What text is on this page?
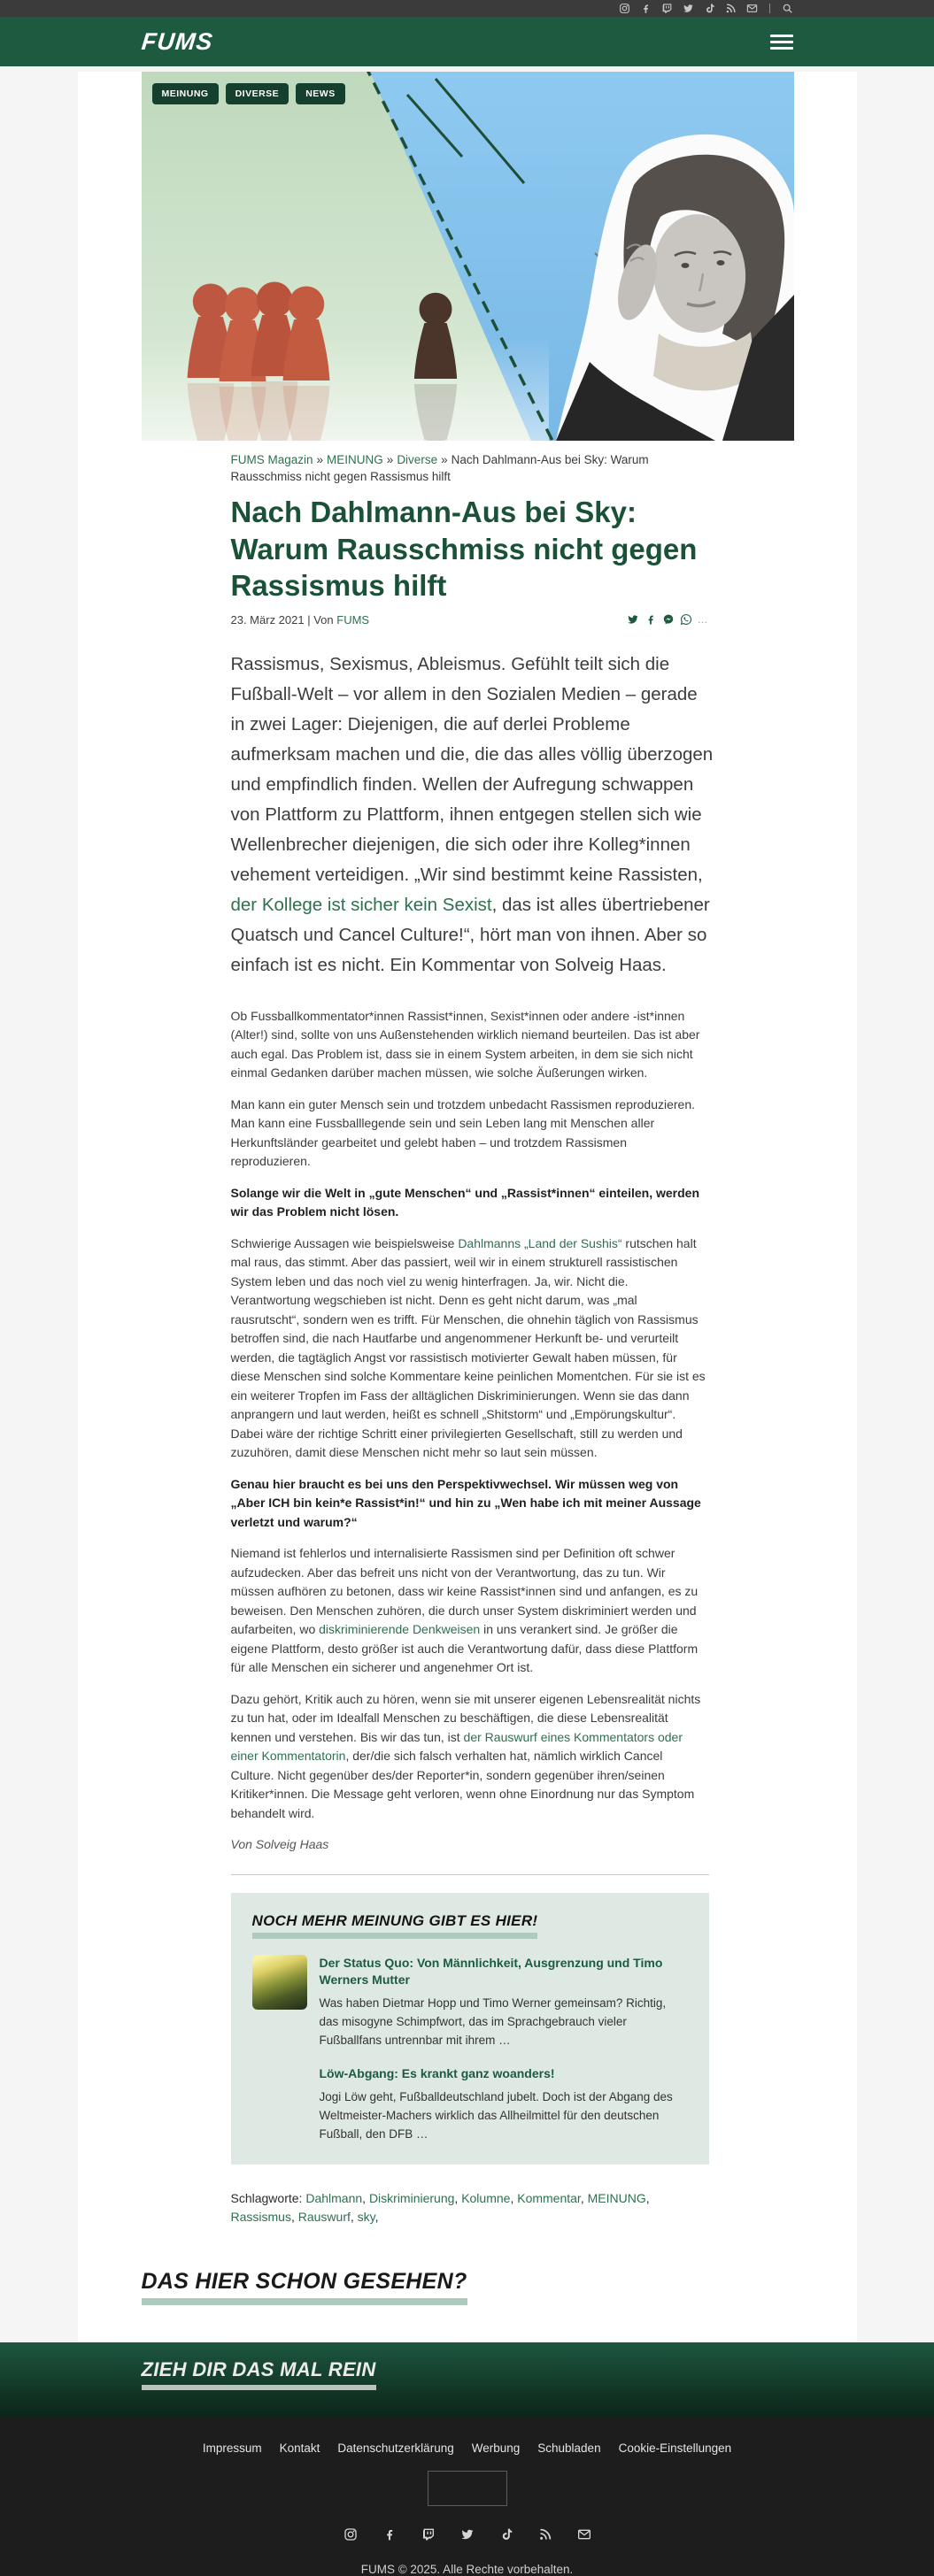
FUMS
MEINUNG	DIVERSE	NEWS
FUMS Magazin » MEINUNG » Diverse » Nach Dahlmann-Aus bei Sky: Warum Rausschmiss nicht gegen Rassismus hilft
Nach Dahlmann-Aus bei Sky: Warum Rausschmiss nicht gegen Rassismus hilft
23. März 2021 | Von FUMS	…
Rassismus, Sexismus, Ableismus. Gefühlt teilt sich die Fußball-Welt – vor allem in den Sozialen Medien – gerade in zwei Lager: Diejenigen, die auf derlei Probleme aufmerksam machen und die, die das alles völlig überzogen und empfindlich finden. Wellen der Aufregung schwappen von Plattform zu Plattform, ihnen entgegen stellen sich wie Wellenbrecher diejenigen, die sich oder ihre Kolleg*innen vehement verteidigen. „Wir sind bestimmt keine Rassisten, der Kollege ist sicher kein Sexist, das ist alles übertriebener Quatsch und Cancel Culture!“, hört man von ihnen. Aber so einfach ist es nicht. Ein Kommentar von Solveig Haas.

Ob Fussballkommentator*innen Rassist*innen, Sexist*innen oder andere -ist*innen (Alter!) sind, sollte von uns Außenstehenden wirklich niemand beurteilen. Das ist aber auch egal. Das Problem ist, dass sie in einem System arbeiten, in dem sie sich nicht einmal Gedanken darüber machen müssen, wie solche Äußerungen wirken.

Man kann ein guter Mensch sein und trotzdem unbedacht Rassismen reproduzieren. Man kann eine Fussballlegende sein und sein Leben lang mit Menschen aller Herkunftsländer gearbeitet und gelebt haben – und trotzdem Rassismen reproduzieren.

Solange wir die Welt in „gute Menschen“ und „Rassist*innen“ einteilen, werden wir das Problem nicht lösen.

Schwierige Aussagen wie beispielsweise Dahlmanns „Land der Sushis“ rutschen halt mal raus, das stimmt. Aber das passiert, weil wir in einem strukturell rassistischen System leben und das noch viel zu wenig hinterfragen. Ja, wir. Nicht die. Verantwortung wegschieben ist nicht. Denn es geht nicht darum, was „mal rausrutscht“, sondern wen es trifft. Für Menschen, die ohnehin täglich von Rassismus betroffen sind, die nach Hautfarbe und angenommener Herkunft be- und verurteilt werden, die tagtäglich Angst vor rassistisch motivierter Gewalt haben müssen, für diese Menschen sind solche Kommentare keine peinlichen Momentchen. Für sie ist es ein weiterer Tropfen im Fass der alltäglichen Diskriminierungen. Wenn sie das dann anprangern und laut werden, heißt es schnell „Shitstorm“ und „Empörungskultur“. Dabei wäre der richtige Schritt einer privilegierten Gesellschaft, still zu werden und zuzuhören, damit diese Menschen nicht mehr so laut sein müssen.

Genau hier braucht es bei uns den Perspektivwechsel. Wir müssen weg von „Aber ICH bin kein*e Rassist*in!“ und hin zu „Wen habe ich mit meiner Aussage verletzt und warum?“

Niemand ist fehlerlos und internalisierte Rassismen sind per Definition oft schwer aufzudecken. Aber das befreit uns nicht von der Verantwortung, das zu tun. Wir müssen aufhören zu betonen, dass wir keine Rassist*innen sind und anfangen, es zu beweisen. Den Menschen zuhören, die durch unser System diskriminiert werden und aufarbeiten, wo diskriminierende Denkweisen in uns verankert sind. Je größer die eigene Plattform, desto größer ist auch die Verantwortung dafür, dass diese Plattform für alle Menschen ein sicherer und angenehmer Ort ist.

Dazu gehört, Kritik auch zu hören, wenn sie mit unserer eigenen Lebensrealität nichts zu tun hat, oder im Idealfall Menschen zu beschäftigen, die diese Lebensrealität kennen und verstehen. Bis wir das tun, ist der Rauswurf eines Kommentators oder einer Kommentatorin, der/die sich falsch verhalten hat, nämlich wirklich Cancel Culture. Nicht gegenüber des/der Reporter*in, sondern gegenüber ihren/seinen Kritiker*innen. Die Message geht verloren, wenn ohne Einordnung nur das Symptom behandelt wird.

Von Solveig Haas

NOCH MEHR MEINUNG GIBT ES HIER!
Der Status Quo: Von Männlichkeit, Ausgrenzung und Timo Werners Mutter
Was haben Dietmar Hopp und Timo Werner gemeinsam? Richtig, das misogyne Schimpfwort, das im Sprachgebrauch vieler Fußballfans untrennbar mit ihrem …
Löw-Abgang: Es krankt ganz woanders!
Jogi Löw geht, Fußballdeutschland jubelt. Doch ist der Abgang des Weltmeister-Machers wirklich das Allheilmittel für den deutschen Fußball, den DFB …
Schlagworte: Dahlmann, Diskriminierung, Kolumne, Kommentar, MEINUNG, Rassismus, Rauswurf, sky,
DAS HIER SCHON GESEHEN?
ZIEH DIR DAS MAL REIN
Impressum Kontakt Datenschutzerklärung Werbung Schubladen Cookie-Einstellungen
FUMS © 2025. Alle Rechte vorbehalten.
